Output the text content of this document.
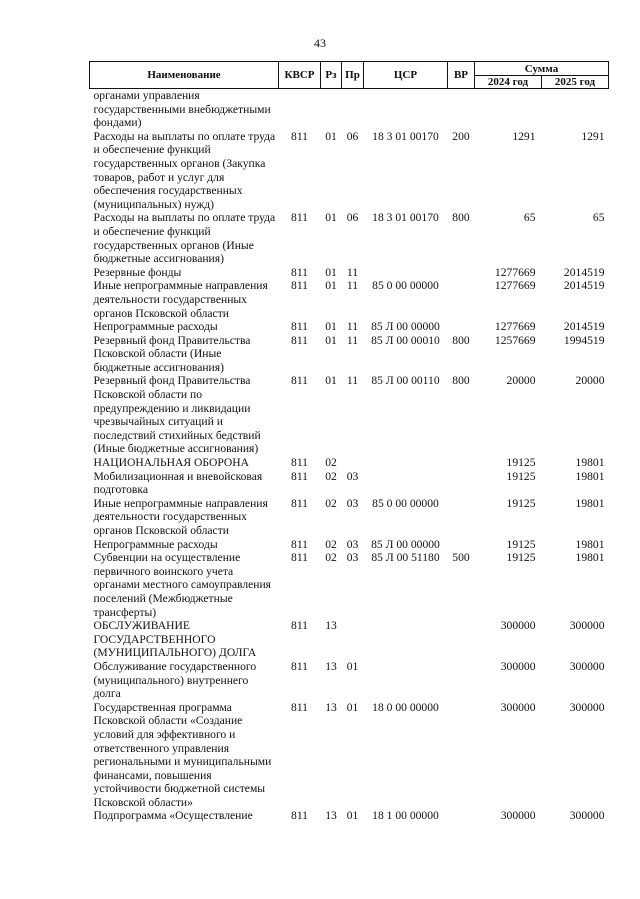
43
Наименование	КВСР	Рз	Пр	ЦСР	ВР	Сумма	
						2024 год	2025 год
органами управления государственными внебюджетными фондами)							
Расходы на выплаты по оплате труда и обеспечение функций государственных органов (Закупка товаров, работ и услуг для обеспечения государственных (муниципальных) нужд)	811	01	06	18 3 01 00170	200	1291	1291
Расходы на выплаты по оплате труда и обеспечение функций государственных органов (Иные бюджетные ассигнования)	811	01	06	18 3 01 00170	800	65	65
Резервные фонды	811	01	11			1277669	2014519
Иные непрограммные направления деятельности государственных органов Псковской области	811	01	11	85 0 00 00000		1277669	2014519
Непрограммные расходы	811	01	11	85 Л 00 00000		1277669	2014519
Резервный фонд Правительства Псковской области (Иные бюджетные ассигнования)	811	01	11	85 Л 00 00010	800	1257669	1994519
Резервный фонд Правительства Псковской области по предупреждению и ликвидации чрезвычайных ситуаций и последствий стихийных бедствий (Иные бюджетные ассигнования)	811	01	11	85 Л 00 00110	800	20000	20000
НАЦИОНАЛЬНАЯ ОБОРОНА	811	02				19125	19801
Мобилизационная и вневойсковая подготовка	811	02	03			19125	19801
Иные непрограммные направления деятельности государственных органов Псковской области	811	02	03	85 0 00 00000		19125	19801
Непрограммные расходы	811	02	03	85 Л 00 00000		19125	19801
Субвенции на осуществление первичного воинского учета органами местного самоуправления поселений (Межбюджетные трансферты)	811	02	03	85 Л 00 51180	500	19125	19801
ОБСЛУЖИВАНИЕ ГОСУДАРСТВЕННОГО (МУНИЦИПАЛЬНОГО) ДОЛГА	811	13				300000	300000
Обслуживание государственного (муниципального) внутреннего долга	811	13	01			300000	300000
Государственная программа Псковской области «Создание условий для эффективного и ответственного управления региональными и муниципальными финансами, повышения устойчивости бюджетной системы Псковской области»	811	13	01	18 0 00 00000		300000	300000
Подпрограмма «Осуществление	811	13	01	18 1 00 00000		300000	300000
